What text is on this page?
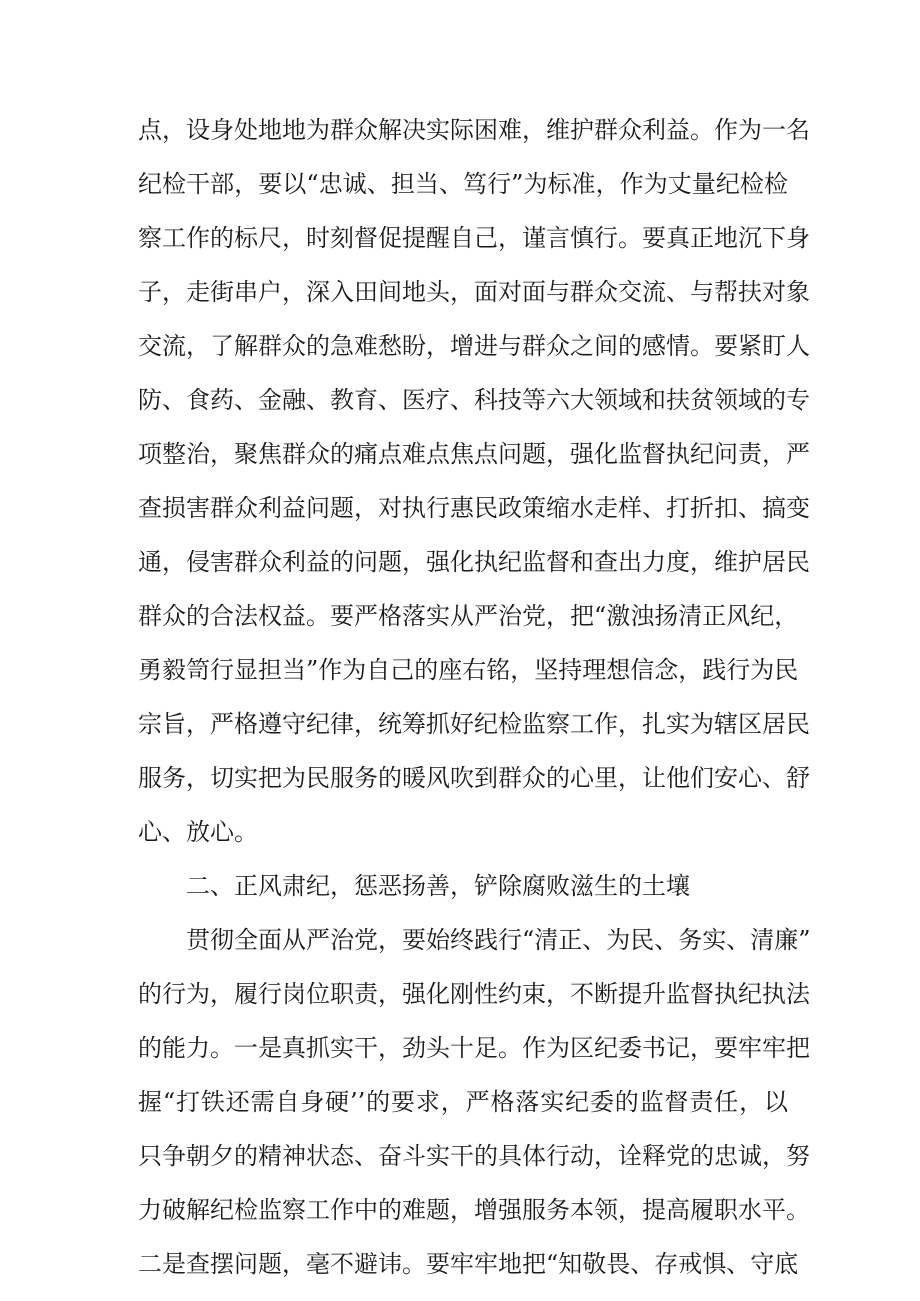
点，设身处地地为群众解决实际困难，维护群众利益。作为一名
纪检干部，要以“忠诚、担当、笃行”为标准，作为丈量纪检检
察工作的标尺，时刻督促提醒自己，谨言慎行。要真正地沉下身
子，走街串户，深入田间地头，面对面与群众交流、与帮扶对象
交流，了解群众的急难愁盼，增进与群众之间的感情。要紧盯人
防、食药、金融、教育、医疗、科技等六大领域和扶贫领域的专
项整治，聚焦群众的痛点难点焦点问题，强化监督执纪问责，严
查损害群众利益问题，对执行惠民政策缩水走样、打折扣、搞变
通，侵害群众利益的问题，强化执纪监督和查出力度，维护居民
群众的合法权益。要严格落实从严治党，把“激浊扬清正风纪，
勇毅笥行显担当”作为自己的座右铭，坚持理想信念，践行为民
宗旨，严格遵守纪律，统筹抓好纪检监察工作，扎实为辖区居民
服务，切实把为民服务的暖风吹到群众的心里，让他们安心、舒
心、放心。
二、正风肃纪，惩恶扬善，铲除腐败滋生的土壤
贯彻全面从严治党，要始终践行“清正、为民、务实、清廉”
的行为，履行岗位职责，强化刚性约束，不断提升监督执纪执法
的能力。一是真抓实干，劲头十足。作为区纪委书记，要牢牢把
握“打铁还需自身硬’’的要求，严格落实纪委的监督责任，以
只争朝夕的精神状态、奋斗实干的具体行动，诠释党的忠诚，努
力破解纪检监察工作中的难题，增强服务本领，提高履职水平。
二是查摆问题，毫不避讳。要牢牢地把“知敬畏、存戒惧、守底
